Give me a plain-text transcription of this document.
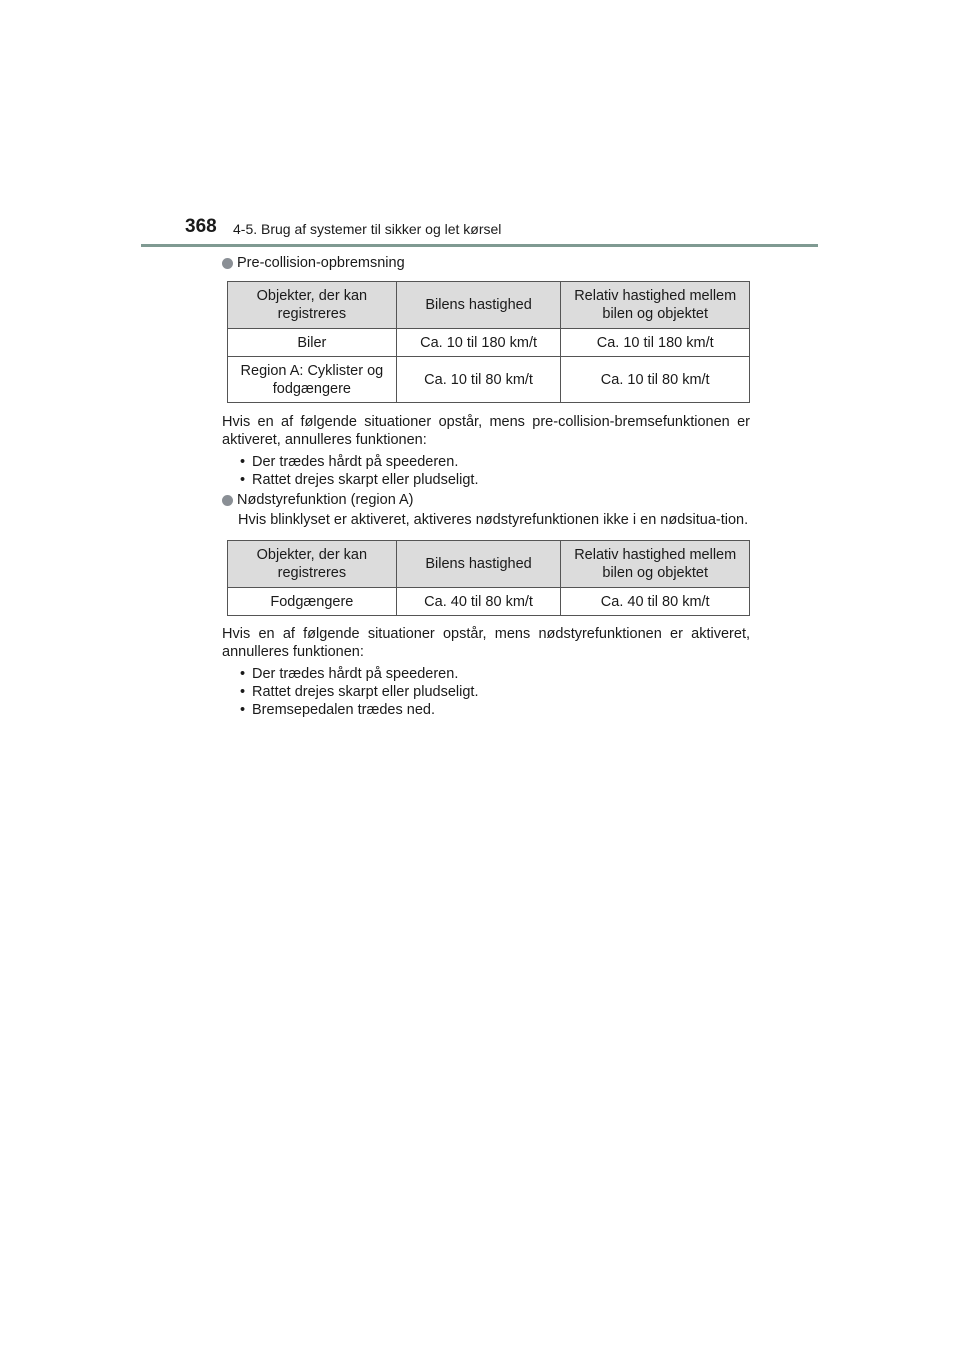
368 4-5. Brug af systemer til sikker og let kørsel
Pre-collision-opbremsning
Objekter, der kan registreres	Bilens hastighed	Relativ hastighed mellem bilen og objektet
Biler	Ca. 10 til 180 km/t	Ca. 10 til 180 km/t
Region A: Cyklister og fodgængere	Ca. 10 til 80 km/t	Ca. 10 til 80 km/t

Hvis en af følgende situationer opstår, mens pre-collision-bremsefunktionen er aktiveret, annulleres funktionen:

• Der trædes hårdt på speederen.
• Rattet drejes skarpt eller pludseligt.
Nødstyrefunktion (region A)

Hvis blinklyset er aktiveret, aktiveres nødstyrefunktionen ikke i en nødsitua-tion.

Objekter, der kan registreres	Bilens hastighed	Relativ hastighed mellem bilen og objektet
Fodgængere	Ca. 40 til 80 km/t	Ca. 40 til 80 km/t

Hvis en af følgende situationer opstår, mens nødstyrefunktionen er aktiveret, annulleres funktionen:

• Der trædes hårdt på speederen.
• Rattet drejes skarpt eller pludseligt.
• Bremsepedalen trædes ned.
